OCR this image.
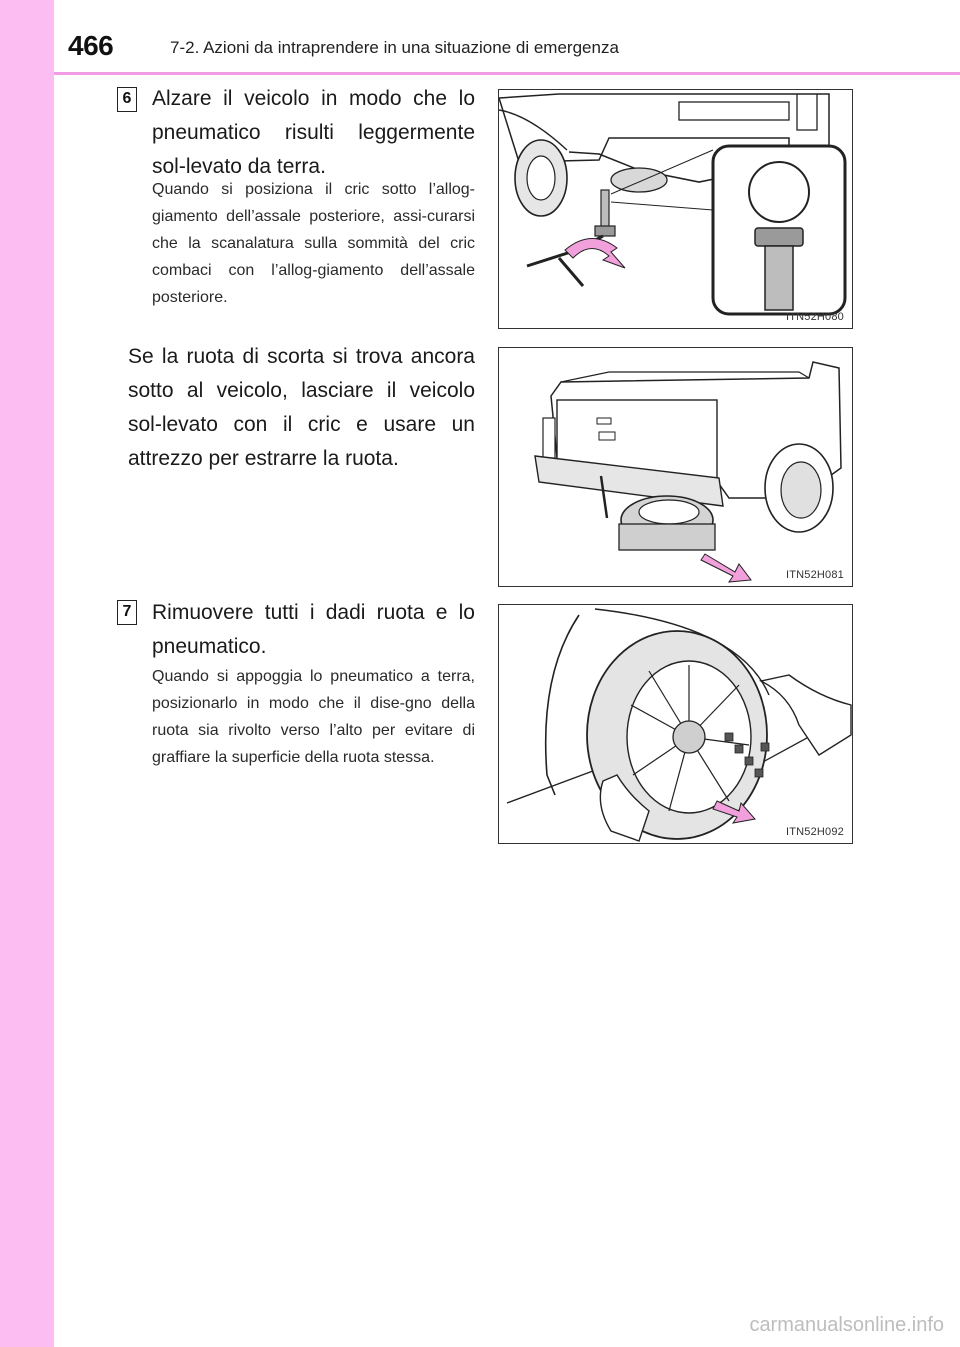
466	7-2. Azioni da intraprendere in una situazione di emergenza
6 Alzare il veicolo in modo che lo pneumatico risulti leggermente sol-levato da terra.
Quando si posiziona il cric sotto l’allog-giamento dell’assale posteriore, assi-curarsi che la scanalatura sulla sommità del cric combaci con l’allog-giamento dell’assale posteriore.
ITN52H080
Se la ruota di scorta si trova ancora sotto al veicolo, lasciare il veicolo sol-levato con il cric e usare un attrezzo per estrarre la ruota.
ITN52H081
7 Rimuovere tutti i dadi ruota e lo pneumatico.
Quando si appoggia lo pneumatico a terra, posizionarlo in modo che il dise-gno della ruota sia rivolto verso l’alto per evitare di graffiare la superficie della ruota stessa.
ITN52H092
carmanualsonline.info
